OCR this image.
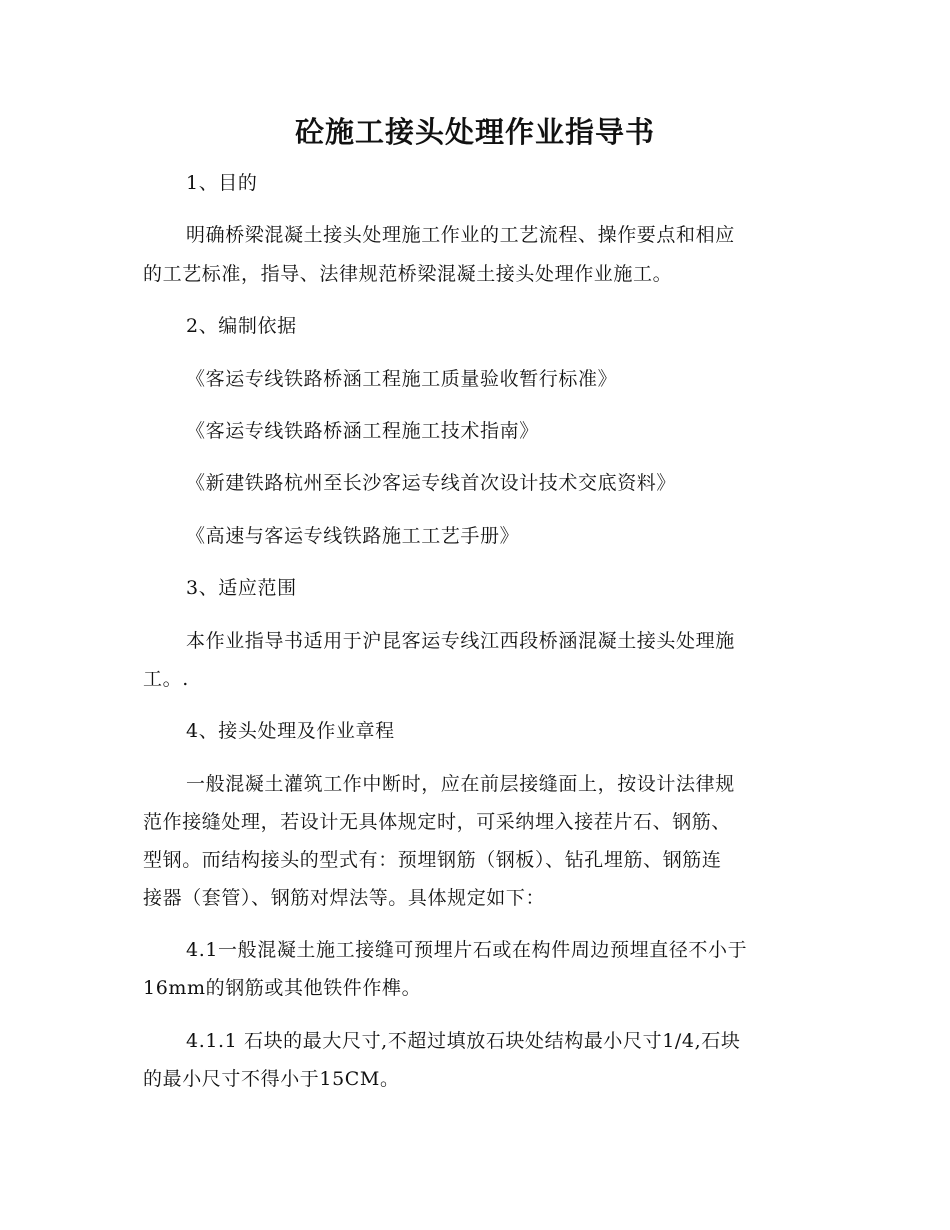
砼施工接头处理作业指导书
1、目的
明确桥梁混凝土接头处理施工作业的工艺流程、操作要点和相应
的工艺标准，指导、法律规范桥梁混凝土接头处理作业施工。
2、编制依据
《客运专线铁路桥涵工程施工质量验收暂行标准》
《客运专线铁路桥涵工程施工技术指南》
《新建铁路杭州至长沙客运专线首次设计技术交底资料》
《高速与客运专线铁路施工工艺手册》
3、适应范围
本作业指导书适用于沪昆客运专线江西段桥涵混凝土接头处理施
工。.
4、接头处理及作业章程
一般混凝土灌筑工作中断时，应在前层接缝面上，按设计法律规
范作接缝处理，若设计无具体规定时，可采纳埋入接茬片石、钢筋、
型钢。而结构接头的型式有：预埋钢筋（钢板）、钻孔埋筋、钢筋连
接器（套管）、钢筋对焊法等。具体规定如下：
4.1一般混凝土施工接缝可预埋片石或在构件周边预埋直径不小于
16mm的钢筋或其他铁件作榫。
4.1.1 石块的最大尺寸,不超过填放石块处结构最小尺寸1/4,石块
的最小尺寸不得小于15CM。
